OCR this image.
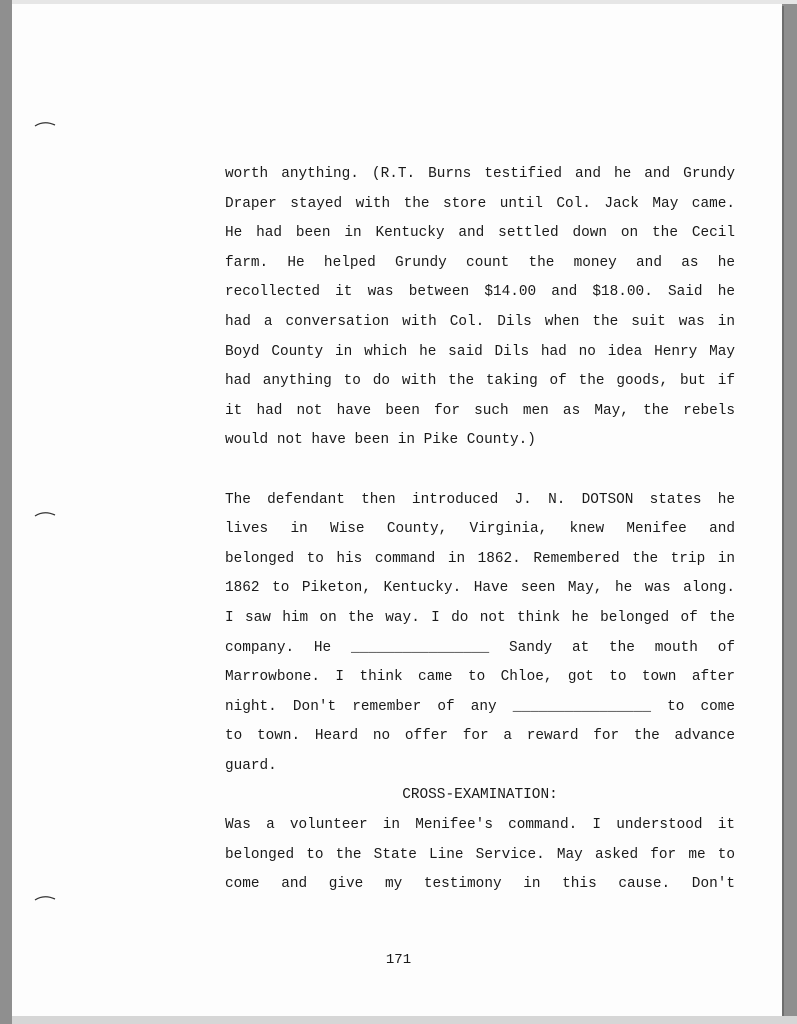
worth anything. (R.T. Burns testified and he and Grundy
Draper stayed with the store until Col. Jack May came.
He had been in Kentucky and settled down on the Cecil
farm. He helped Grundy count the money and as he
recollected it was between $14.00 and $18.00. Said he
had a conversation with Col. Dils when the suit was in
Boyd County in which he said Dils had no idea Henry May
had anything to do with the taking of the goods, but if
it had not have been for such men as May, the rebels
would not have been in Pike County.)
The defendant then introduced J. N. DOTSON states he
lives in Wise County, Virginia, knew Menifee and
belonged to his command in 1862. Remembered the trip in
1862 to Piketon, Kentucky. Have seen May, he was along.
I saw him on the way. I do not think he belonged of the
company. He ________________ Sandy at the mouth of
Marrowbone. I think came to Chloe, got to town after
night. Don't remember of any ________________ to come
to town. Heard no offer for a reward for the advance
guard.
CROSS-EXAMINATION:
Was a volunteer in Menifee's command. I understood it
belonged to the State Line Service. May asked for me to
come and give my testimony in this cause. Don't
171
